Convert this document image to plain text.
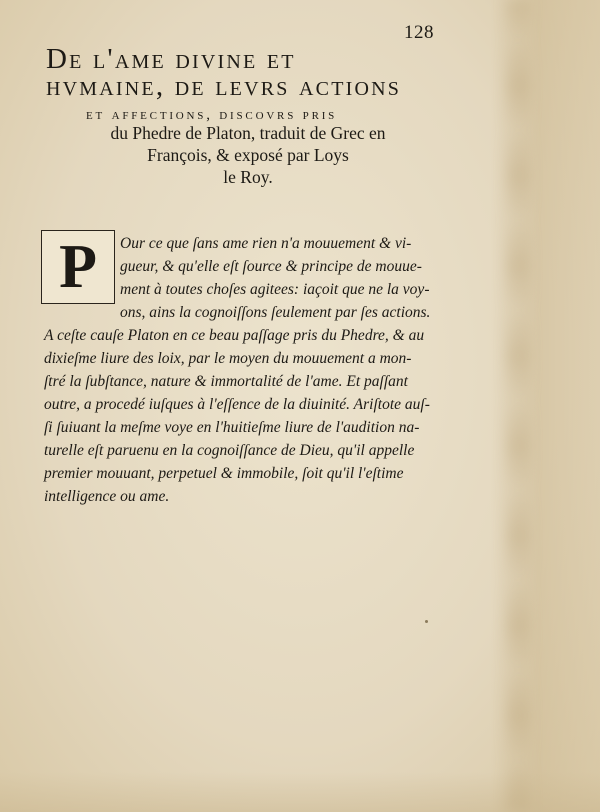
128
De l'ame divine et
hvmaine, de levrs actions
et affections, discovrs pris
du Phedre de Platon, traduit de Grec en
François, & exposé par Loys
le Roy.
P	Our ce que ſans ame rien n'a mouuement & vi-
gueur, & qu'elle eſt ſource & principe de mouue-
ment à toutes choſes agitees: iaçoit que ne la voy-
ons, ains la cognoiſſons ſeulement par ſes actions.
A ceſte cauſe Platon en ce beau paſſage pris du Phedre, & au
dixieſme liure des loix, par le moyen du mouuement a mon-
ſtré la ſubſtance, nature & immortalité de l'ame. Et paſſant
outre, a procedé iuſques à l'eſſence de la diuinité. Ariſtote auſ-
ſi ſuiuant la meſme voye en l'huitieſme liure de l'audition na-
turelle eſt paruenu en la cognoiſſance de Dieu, qu'il appelle
premier mouuant, perpetuel & immobile, ſoit qu'il l'eſtime
intelligence ou ame.
